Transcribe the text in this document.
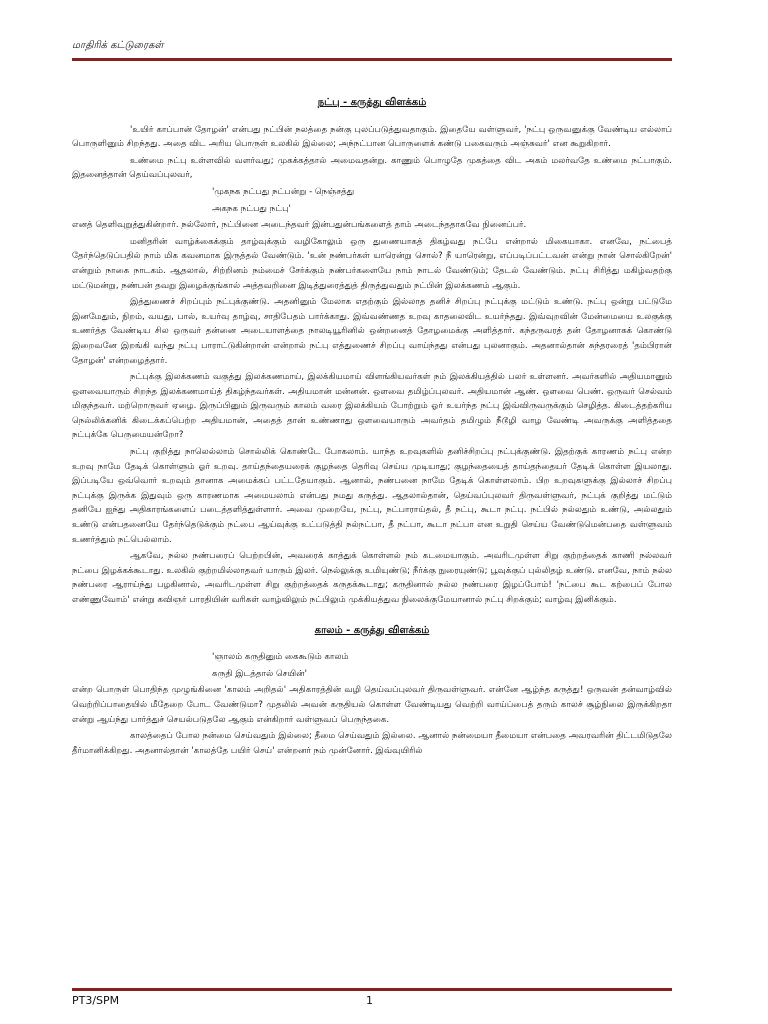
மாதிரிக் கட்டுரைகள்
நட்பு - கருத்து விளக்கம்

'உயிர் காப்பான் தோழன்' என்பது நட்பின் நலத்தை நன்கு புலப்படுத்துவதாகும். இதையே வள்ளுவர், 'நட்பு ஒருவனுக்கு வேண்டிய எல்லாப் பொருளினும் சிறந்தது. அதை விட அரிய பொருள் உலகில் இல்லை; அந்நட்பான பொருளைக் கண்டு பகைவரும் அஞ்சுவர்' என கூறுகிறார்.

உண்மை நட்பு உள்ளவில் வளர்வது; முகக்கத்தால் அமைவதன்று. காணும் பொழுதே முகத்தை விட அகம் மலர்வதே உண்மை நட்பாகும். இதனைத்தான் தெய்வப்புலவர்,

'முகநக நட்பது நட்பன்று - நெஞ்சத்து

அகநக நட்பது நட்பு'

எனத் தெளிவுறுத்துகின்றார். நல்லோர், நட்பினை அடைந்தவர் இன்பதுன்பங்களைத் தாம் அடைந்ததாகவே நினைப்பர்.

மனிதரின் வாழ்க்கைக்கும் தாழ்வுக்கும் வழிகோலும் ஒரு துணையாகத் திகழ்வது நட்பே என்றால் மிகையாகா. எனவே, நட்பைத் தேர்ந்தெடுப்பதில் நாம் மிக கவனமாக இருத்தல் வேண்டும். 'உன் நண்பர்கள் யாரென்று சொல்? நீ யாரென்று, எப்படிப்பட்டவன் என்று நான் சொல்கிறேன்' என்றும் நாகை நாடகம். ஆதலால், சிற்றினம் நம்மைச் சேர்க்கும் நண்பர்களையே நாம் நாடல் வேண்டும்; தேடல் வேண்டும். நட்பு சிரித்து மகிழ்வதற்கு மட்டுமன்று, நண்பன் தவறு இழைக்குங்கால் அத்தவறினை இடித்துரைத்துத் திருத்துவதும் நட்பின் இலக்கணம் ஆகும்.

இத்துணைச் சிறப்பும் நட்புக்குண்டு. அதனினும் மேலாக எதற்கும் இல்லாத தனிச் சிறப்பு நட்புக்கு மட்டும் உண்டு. நட்பு ஒன்று பட்டுமே இனமேதும், நிறம், வயது, பால், உயர்வு தாழ்வு, சாதிபேதம் பார்க்காது. இவ்வண்ணத உறவு காதலைவிட உயர்ந்தது. இவ்வுறவின் மேன்மையை உலகுக்கு உணர்த்த வேண்டிய சில ஒருவர் தன்னை அடையாளத்தை நாலடியூரினில் ஒன்றனைத் தோழமைக்கு அளித்தார். கந்தருவரத் தன் தோழனாகக் கொண்டு இறைவனே இறங்கி வந்து நட்பு பாராட்டுகின்றான் என்றால் நட்பு எத்துணைச் சிறப்பு வாய்ந்தது என்பது புலனாகும். அதனால்தான் சுந்தரரைத் 'தம்பிரான் தோழன்' என்றழைத்தார்.

நட்புக்கு இலக்கணம் வகுத்து இலக்கணமாய், இலக்கியமாய் விளங்கியவர்கள் நம் இலக்கியத்தில் பலர் உள்ளனர். அவர்களில் அதியமானும் ஒளவையாரும் சிறந்த இலக்கணமாய்த் திகழ்ந்தவர்கள். அதியமான் மன்னன். ஒளவை தமிழ்ப்புலவர். அதியமான் ஆண். ஒளவை பெண். ஒருவர் செல்வம் மிகுந்தவர். மற்றொருவர் ஏழை. இருப்பினும் இருவரும் காலம் வரை இலக்கியம் போற்றும் ஓர் உயர்ந்த நட்பு இவ்விருவருக்கும் செழித்த. கிடைத்தற்கரிய நெல்லிக்கனிக் கிடைக்கப்பெற்ற அதியமான், அதைத் தான் உண்ணாது ஒளவையாரும் அவர்தம் தமிழும் நீடூழி வாழ வேண்டி அவருக்கு அளித்ததை நட்புக்கே பெருமையன்றோ?

நட்பு குறித்து நாலெல்லாம் சொல்லிக் கொண்டே போகலாம். யாந்த உறவுகளில் தனிச்சிறப்பு நட்புக்குண்டு. இதற்குக் காரணம் நட்பு என்ற உறவு நாமே தேடிக் கொள்ளும் ஓர் உறவு. தாய்தந்தையரைக் குழந்தை தெரிவு செய்ய முடியாது; குழந்தையைத் தாய்தந்தையர் தேடிக் கொள்ள இயலாது. இப்படியே ஒவ்வொர் உறவும் தானாக அமைக்கப் பட்டதேயாகும். ஆனால், நண்பனை நாமே தேடிக் கொள்ளலாம். பிற உறவுகளுக்கு இல்லாச் சிறப்பு நட்புக்கு இருக்க இதுவும் ஒரு காரணமாக அமையலாம் என்பது நமது கருத்து. ஆதலால்தான், தெய்வப்புலவர் திருவள்ளுவர், நட்புக் குறித்து மட்டும் தனியே ஐந்து அதிகாரங்களைப் படைத்தளித்துள்ளார். அவை முறையே, நட்பு, நட்பாராய்தல், தீ நட்பு, கூடா நட்பு. நட்பில் நல்லதும் உண்டு, அல்லதும் உண்டு என்பதனையே தேர்ந்தெடுக்கும் நட்பை ஆய்வுக்கு உட்படுத்தி நல்நட்பா, தீ நட்பா, கூடா நட்பா என உறுதி செய்ய வேண்டுமென்பதை வள்ளுவம் உணர்த்தும் நட்பெல்லாம்.

ஆகவே, நல்ல நண்பரைப் பெற்றபின், அவரைக் காத்துக் கொள்ளல் நம் கடமையாகும். அவரிடமுள்ள சிறு குற்றத்தைக் காணி நல்லவர் நட்பை இழக்கக்கூடாது. உலகில் குற்றமில்லாதவர் யாரும் இலர். நெல்லுக்கு உமியுண்டு; நீர்க்கு நுரையுண்டு; பூவுக்குப் புல்லிதழ் உண்டு. எனவே, நாம் நல்ல நண்பரை ஆராய்ந்து பழகினால், அவரிடமுள்ள சிறு குற்றத்தைக் கருதக்கூடாது; கருதினால் நல்ல நண்பரை இழப்போம்! 'நட்பை கூட கற்பைப் போல எண்ணுவோம்' என்று கவிஞர் பாரதியின் வரிகள் வாழ்விலும் நட்பிலும் முக்கியத்துவ நிலைக்குமேயானால் நட்பு சிறக்கும்; வாழ்வு இனிக்கும்.

காலம் - கருத்து விளக்கம்

'ஞாலம் கருதினும் கைகூடும் காலம்

கருதி இடத்தால் செயின்'

என்ற பொருள் பொதிந்த முழுங்கினை 'காலம் அறிதல்' அதிகாரத்தின் வழி தெய்வப்புலவர் திருவள்ளுவர். என்னே ஆழ்ந்த கருத்து! ஒருவன் தன்வாழ்வில் வெற்றிப்பாதையில் மீதேறை போட வேண்டுமா? முதலில் அவன் கருதியல் கொள்ள வேண்டியது வெற்றி வாய்ப்பைத் தரும் காலச் சூழ்நிலை இருக்கிறதா என்று ஆய்ந்து பார்த்துச் செயல்படுதலே ஆகும் என்கிறார் வள்ளுவப் பெருந்தகை.

காலத்தைப் போல நன்மை செய்வதும் இல்லை; தீமை செய்வதும் இல்லை. ஆனால் நன்மையா தீமையா என்பதை அவரவரின் திட்டமிடுதலே தீர்மானிக்கிறது. அதனால்தான் 'காலத்தே பயிர் செய்' என்றனர் நம் முன்னோர். இவ்வுயிரில்

PT3/SPM	1
